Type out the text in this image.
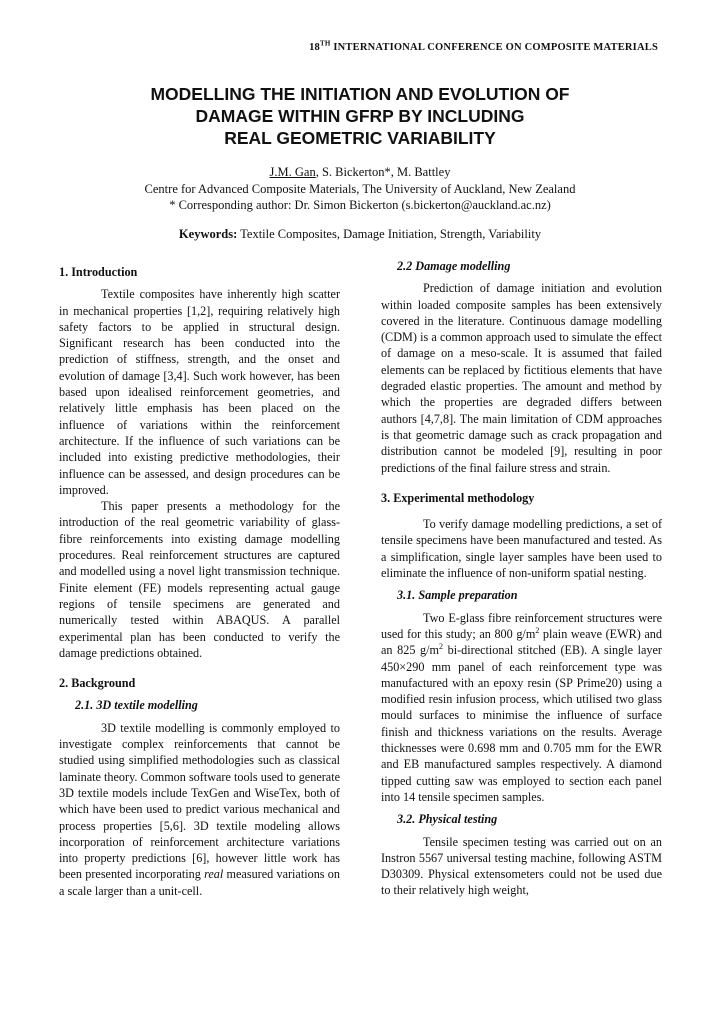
18TH INTERNATIONAL CONFERENCE ON COMPOSITE MATERIALS
MODELLING THE INITIATION AND EVOLUTION OF
DAMAGE WITHIN GFRP BY INCLUDING
REAL GEOMETRIC VARIABILITY
J.M. Gan, S. Bickerton*, M. Battley
Centre for Advanced Composite Materials, The University of Auckland, New Zealand
* Corresponding author: Dr. Simon Bickerton (s.bickerton@auckland.ac.nz)
Keywords: Textile Composites, Damage Initiation, Strength, Variability
1. Introduction

Textile composites have inherently high scatter in mechanical properties [1,2], requiring relatively high safety factors to be applied in structural design. Significant research has been conducted into the prediction of stiffness, strength, and the onset and evolution of damage [3,4]. Such work however, has been based upon idealised reinforcement geometries, and relatively little emphasis has been placed on the influence of variations within the reinforcement architecture. If the influence of such variations can be included into existing predictive methodologies, their influence can be assessed, and design procedures can be improved.

This paper presents a methodology for the introduction of the real geometric variability of glass-fibre reinforcements into existing damage modelling procedures. Real reinforcement structures are captured and modelled using a novel light transmission technique. Finite element (FE) models representing actual gauge regions of tensile specimens are generated and numerically tested within ABAQUS. A parallel experimental plan has been conducted to verify the damage predictions obtained.

2. Background
2.1. 3D textile modelling

3D textile modelling is commonly employed to investigate complex reinforcements that cannot be studied using simplified methodologies such as classical laminate theory. Common software tools used to generate 3D textile models include TexGen and WiseTex, both of which have been used to predict various mechanical and process properties [5,6]. 3D textile modeling allows incorporation of reinforcement architecture variations into property predictions [6], however little work has been presented incorporating real measured variations on a scale larger than a unit-cell.

2.2 Damage modelling

Prediction of damage initiation and evolution within loaded composite samples has been extensively covered in the literature. Continuous damage modelling (CDM) is a common approach used to simulate the effect of damage on a meso-scale. It is assumed that failed elements can be replaced by fictitious elements that have degraded elastic properties. The amount and method by which the properties are degraded differs between authors [4,7,8]. The main limitation of CDM approaches is that geometric damage such as crack propagation and distribution cannot be modeled [9], resulting in poor predictions of the final failure stress and strain.

3. Experimental methodology

To verify damage modelling predictions, a set of tensile specimens have been manufactured and tested. As a simplification, single layer samples have been used to eliminate the influence of non-uniform spatial nesting.

3.1. Sample preparation

Two E-glass fibre reinforcement structures were used for this study; an 800 $g/m^2$ plain weave (EWR) and an 825 $g/m^2$ bi-directional stitched (EB). A single layer 450×290 mm panel of each reinforcement type was manufactured with an epoxy resin (SP Prime20) using a modified resin infusion process, which utilised two glass mould surfaces to minimise the influence of surface finish and thickness variations on the results. Average thicknesses were 0.698 mm and 0.705 mm for the EWR and EB manufactured samples respectively. A diamond tipped cutting saw was employed to section each panel into 14 tensile specimen samples.

3.2. Physical testing

Tensile specimen testing was carried out on an Instron 5567 universal testing machine, following ASTM D30309. Physical extensometers could not be used due to their relatively high weight,
